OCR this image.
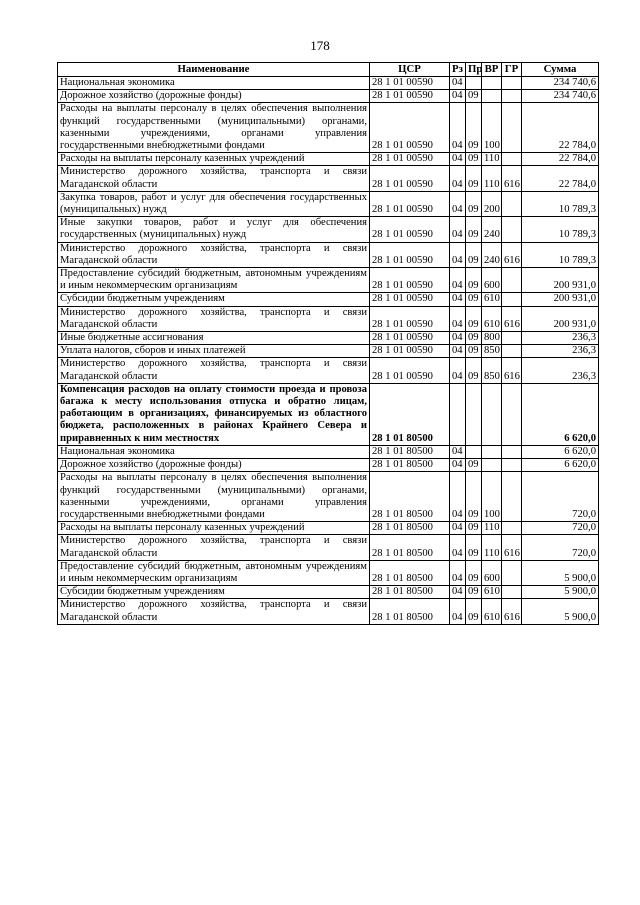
178
Наименование	ЦСР	Рз	Пр	ВР	ГР	Сумма
Национальная экономика	28 1 01 00590	04				234 740,6
Дорожное хозяйство (дорожные фонды)	28 1 01 00590	04	09			234 740,6
Расходы на выплаты персоналу в целях обеспечения выполнения функций государственными (муниципальными) органами, казенными учреждениями, органами управления государственными внебюджетными фондами	28 1 01 00590	04	09	100		22 784,0
Расходы на выплаты персоналу казенных учреждений	28 1 01 00590	04	09	110		22 784,0
Министерство дорожного хозяйства, транспорта и связи Магаданской области	28 1 01 00590	04	09	110	616	22 784,0
Закупка товаров, работ и услуг для обеспечения государственных (муниципальных) нужд	28 1 01 00590	04	09	200		10 789,3
Иные закупки товаров, работ и услуг для обеспечения государственных (муниципальных) нужд	28 1 01 00590	04	09	240		10 789,3
Министерство дорожного хозяйства, транспорта и связи Магаданской области	28 1 01 00590	04	09	240	616	10 789,3
Предоставление субсидий бюджетным, автономным учреждениям и иным некоммерческим организациям	28 1 01 00590	04	09	600		200 931,0
Субсидии бюджетным учреждениям	28 1 01 00590	04	09	610		200 931,0
Министерство дорожного хозяйства, транспорта и связи Магаданской области	28 1 01 00590	04	09	610	616	200 931,0
Иные бюджетные ассигнования	28 1 01 00590	04	09	800		236,3
Уплата налогов, сборов и иных платежей	28 1 01 00590	04	09	850		236,3
Министерство дорожного хозяйства, транспорта и связи Магаданской области	28 1 01 00590	04	09	850	616	236,3
Компенсация расходов на оплату стоимости проезда и провоза багажа к месту использования отпуска и обратно лицам, работающим в организациях, финансируемых из областного бюджета, расположенных в районах Крайнего Севера и приравненных к ним местностях	28 1 01 80500					6 620,0
Национальная экономика	28 1 01 80500	04				6 620,0
Дорожное хозяйство (дорожные фонды)	28 1 01 80500	04	09			6 620,0
Расходы на выплаты персоналу в целях обеспечения выполнения функций государственными (муниципальными) органами, казенными учреждениями, органами управления государственными внебюджетными фондами	28 1 01 80500	04	09	100		720,0
Расходы на выплаты персоналу казенных учреждений	28 1 01 80500	04	09	110		720,0
Министерство дорожного хозяйства, транспорта и связи Магаданской области	28 1 01 80500	04	09	110	616	720,0
Предоставление субсидий бюджетным, автономным учреждениям и иным некоммерческим организациям	28 1 01 80500	04	09	600		5 900,0
Субсидии бюджетным учреждениям	28 1 01 80500	04	09	610		5 900,0
Министерство дорожного хозяйства, транспорта и связи Магаданской области	28 1 01 80500	04	09	610	616	5 900,0
